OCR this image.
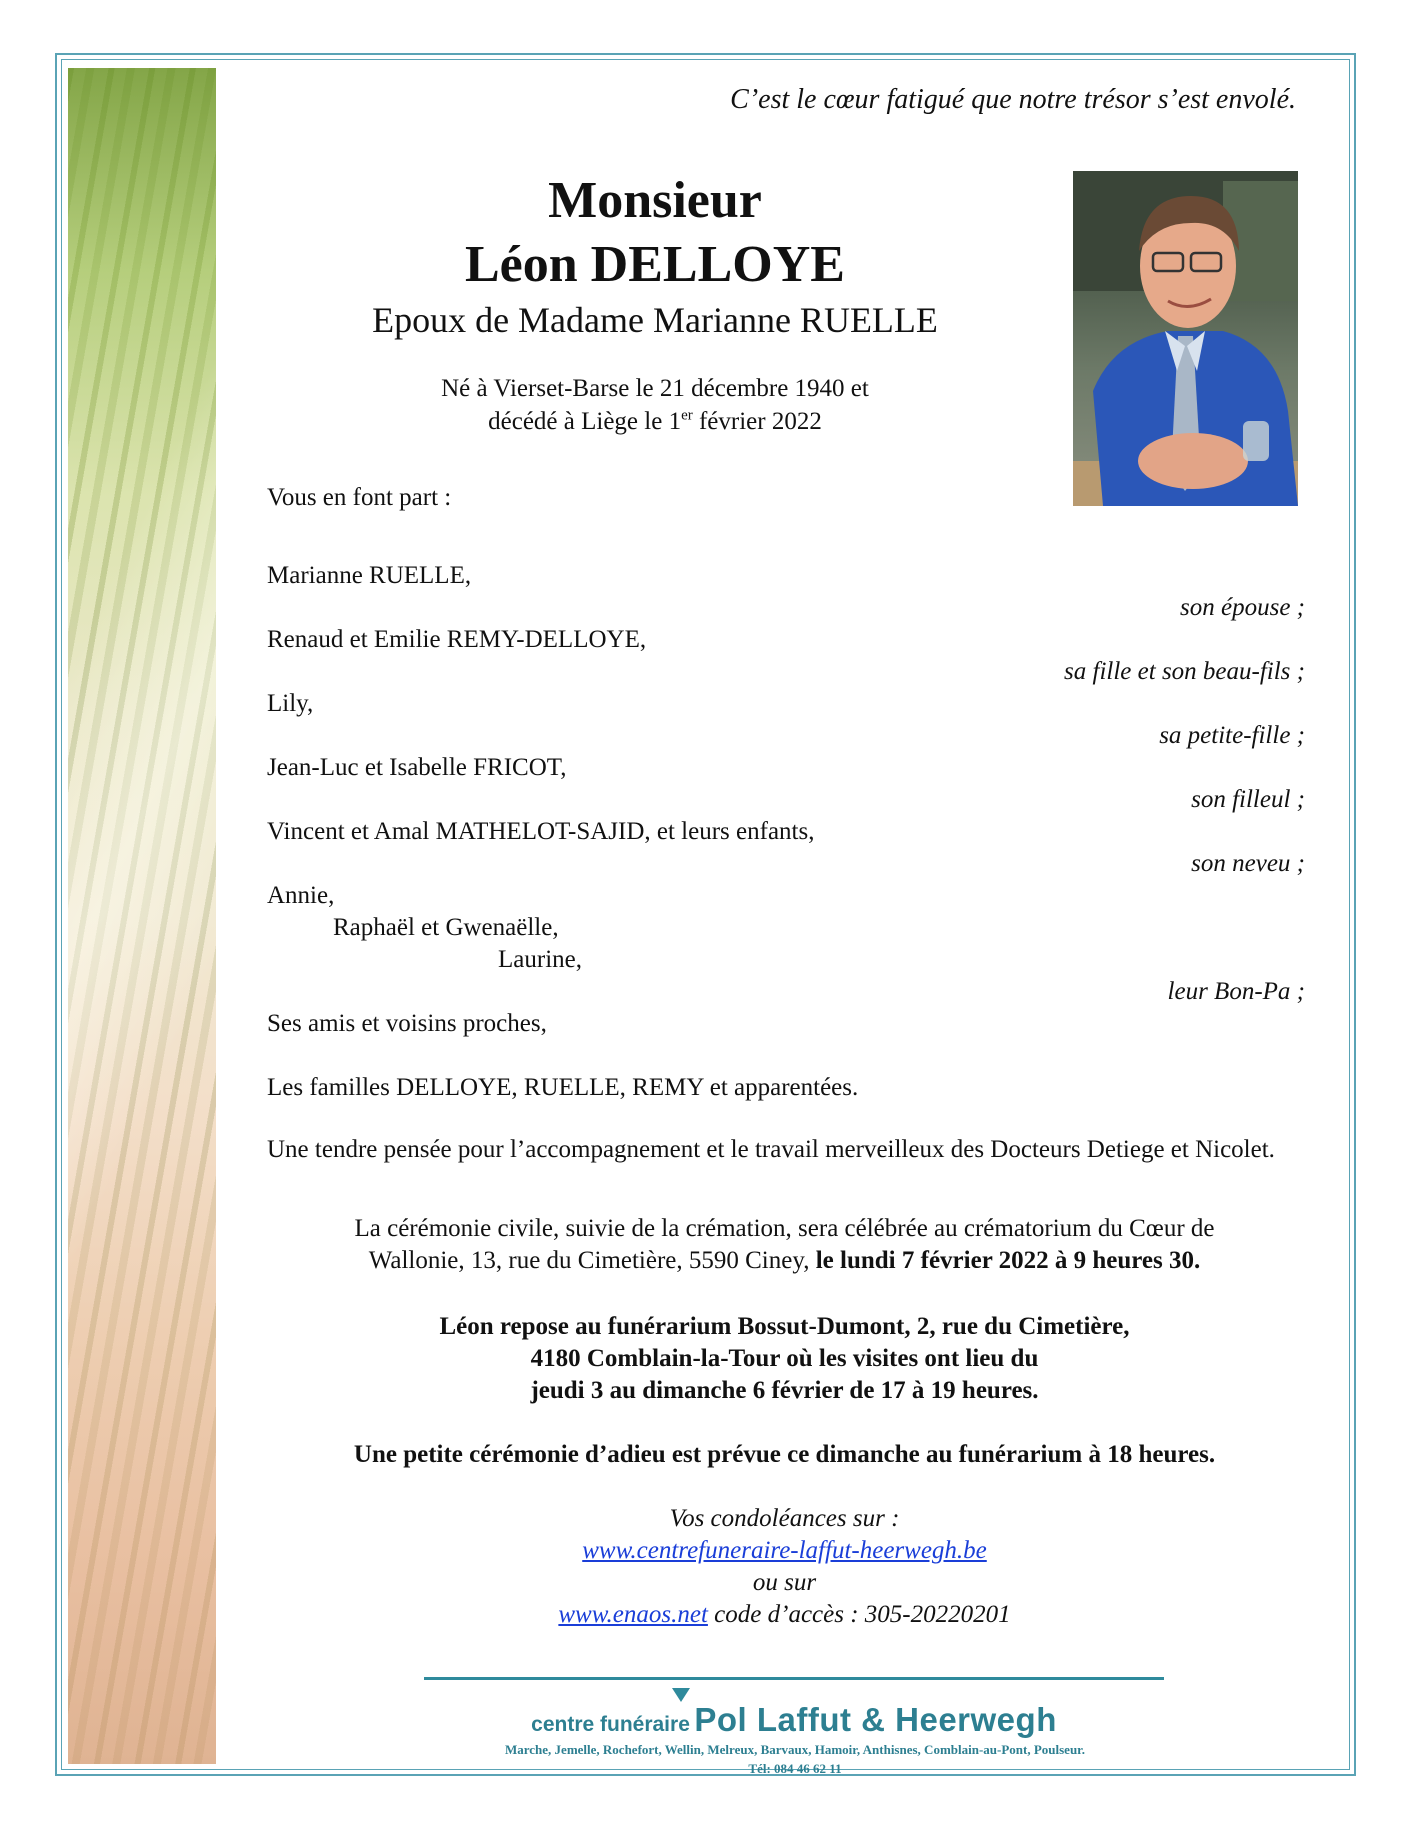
C’est le cœur fatigué que notre trésor s’est envolé.
Monsieur
Léon DELLOYE
Epoux de Madame Marianne RUELLE
Né à Vierset-Barse le 21 décembre 1940 et
décédé à Liège le 1er février 2022
Vous en font part :
Marianne RUELLE,
son épouse ;
Renaud et Emilie REMY-DELLOYE,
sa fille et son beau-fils ;
Lily,
sa petite-fille ;
Jean-Luc et Isabelle FRICOT,
son filleul ;
Vincent et Amal MATHELOT-SAJID, et leurs enfants,
son neveu ;
Annie,
Raphaël et Gwenaëlle,
Laurine,
leur Bon-Pa ;
Ses amis et voisins proches,
Les familles DELLOYE, RUELLE, REMY et apparentées.
Une tendre pensée pour l’accompagnement et le travail merveilleux des Docteurs Detiege et Nicolet.
La cérémonie civile, suivie de la crémation, sera célébrée au crématorium du Cœur de
Wallonie, 13, rue du Cimetière, 5590 Ciney, le lundi 7 février 2022 à 9 heures 30.
Léon repose au funérarium Bossut-Dumont, 2, rue du Cimetière,
4180 Comblain-la-Tour où les visites ont lieu du
jeudi 3 au dimanche 6 février de 17 à 19 heures.
Une petite cérémonie d’adieu est prévue ce dimanche au funérarium à 18 heures.
Vos condoléances sur :
www.centrefuneraire-laffut-heerwegh.be
ou sur
www.enaos.net code d’accès : 305-20220201
centre funéraire Pol Laffut & Heerwegh
Marche, Jemelle, Rochefort, Wellin, Melreux, Barvaux, Hamoir, Anthisnes, Comblain-au-Pont, Poulseur.
Tél: 084 46 62 11
